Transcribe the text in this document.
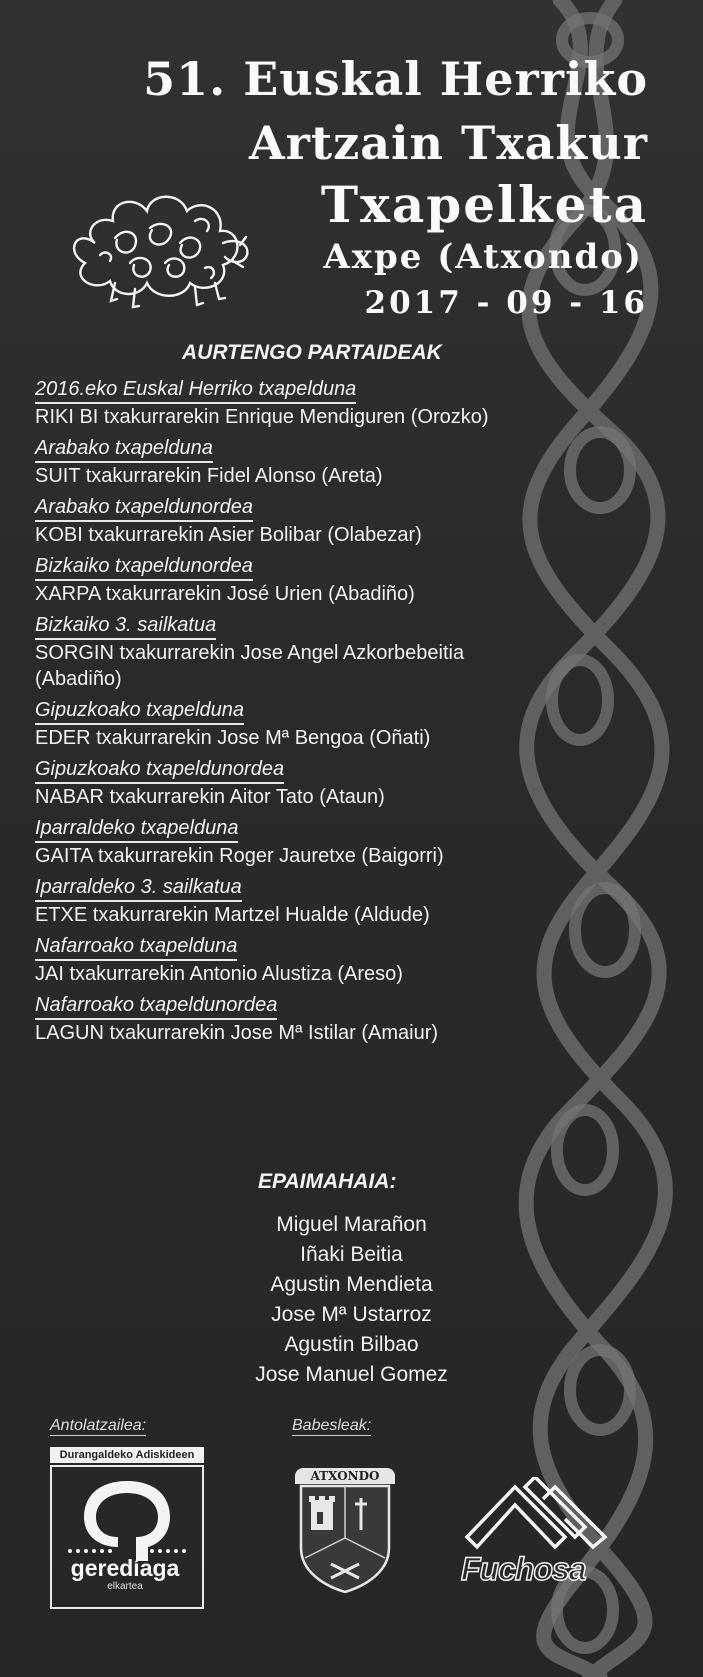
51. Euskal Herriko
Artzain Txakur
Txapelketa
Axpe (Atxondo)
2017 - 09 - 16
AURTENGO PARTAIDEAK
2016.eko Euskal Herriko txapelduna
RIKI BI txakurrarekin Enrique Mendiguren (Orozko)
Arabako txapelduna
SUIT txakurrarekin Fidel Alonso (Areta)
Arabako txapeldunordea
KOBI txakurrarekin Asier Bolibar (Olabezar)
Bizkaiko txapeldunordea
XARPA txakurrarekin José Urien (Abadiño)
Bizkaiko 3. sailkatua
SORGIN txakurrarekin Jose Angel Azkorbebeitia
(Abadiño)
Gipuzkoako txapelduna
EDER txakurrarekin Jose Mª Bengoa (Oñati)
Gipuzkoako txapeldunordea
NABAR txakurrarekin Aitor Tato (Ataun)
Iparraldeko txapelduna
GAITA txakurrarekin Roger Jauretxe (Baigorri)
Iparraldeko 3. sailkatua
ETXE txakurrarekin Martzel Hualde (Aldude)
Nafarroako txapelduna
JAI txakurrarekin Antonio Alustiza (Areso)
Nafarroako txapeldunordea
LAGUN txakurrarekin Jose Mª Istilar (Amaiur)
EPAIMAHAIA:
Miguel Marañon
Iñaki Beitia
Agustin Mendieta
Jose Mª Ustarroz
Agustin Bilbao
Jose Manuel Gomez
Antolatzailea:	Babesleak:
Durangaldeko Adiskideen
geredíaga
elkartea
ATXONDO
Fuchosa
